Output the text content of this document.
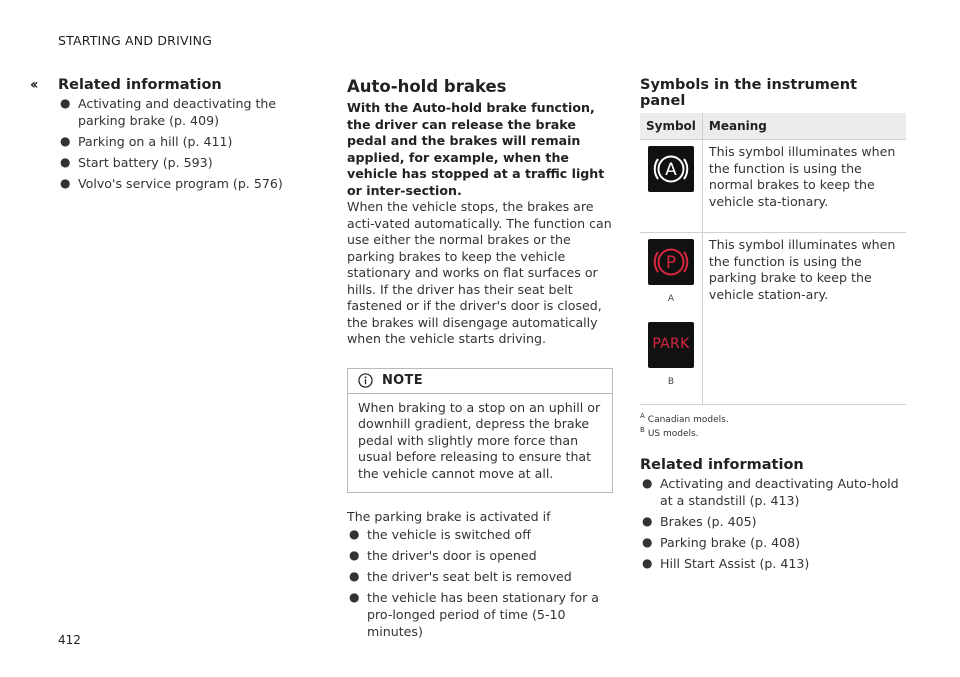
STARTING AND DRIVING
‹‹ Related information
● Activating and deactivating the parking brake (p. 409)
● Parking on a hill (p. 411)
● Start battery (p. 593)
● Volvo's service program (p. 576)
Auto-hold brakes

With the Auto-hold brake function, the driver can release the brake pedal and the brakes will remain applied, for example, when the vehicle has stopped at a traffic light or inter-section.

When the vehicle stops, the brakes are acti-vated automatically. The function can use either the normal brakes or the parking brakes to keep the vehicle stationary and works on flat surfaces or hills. If the driver has their seat belt fastened or if the driver's door is closed, the brakes will disengage automatically when the vehicle starts driving.

NOTE
When braking to a stop on an uphill or downhill gradient, depress the brake pedal with slightly more force than usual before releasing to ensure that the vehicle cannot move at all.
The parking brake is activated if
● the vehicle is switched off
● the driver's door is opened
● the driver's seat belt is removed
● the vehicle has been stationary for a pro-longed period of time (5-10 minutes)
Symbols in the instrument panel
Symbol	Meaning

A	This symbol illuminates when the function is using the normal brakes to keep the vehicle sta-tionary.

P
A
PARK
B	This symbol illuminates when the function is using the parking brake to keep the vehicle station-ary.
$^A$ Canadian models.
$^B$ US models.
Related information
● Activating and deactivating Auto-hold at a standstill (p. 413)
● Brakes (p. 405)
● Parking brake (p. 408)
● Hill Start Assist (p. 413)
412
